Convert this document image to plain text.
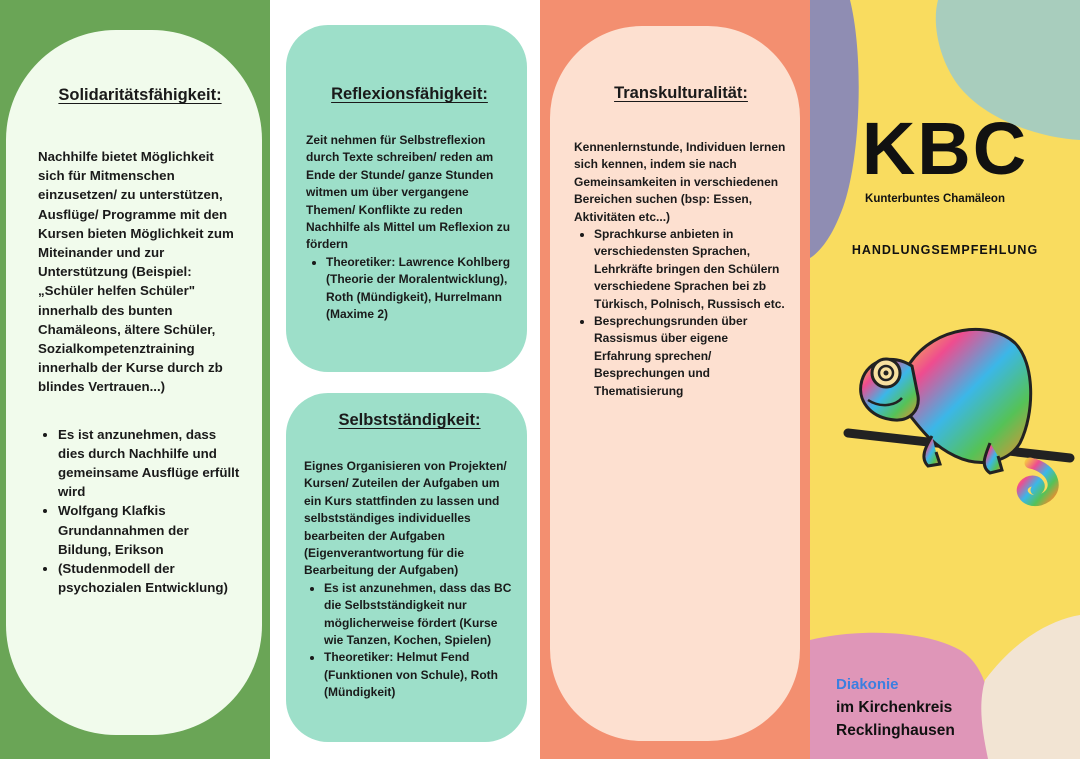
Solidaritätsfähigkeit:
Nachhilfe bietet Möglichkeit sich für Mitmenschen einzusetzen/ zu unterstützen, Ausflüge/ Programme mit den Kursen bieten Möglichkeit zum Miteinander und zur Unterstützung (Beispiel: „Schüler helfen Schüler" innerhalb des bunten Chamäleons, ältere Schüler, Sozialkompetenztraining innerhalb der Kurse durch zb blindes Vertrauen...)
• Es ist anzunehmen, dass dies durch Nachhilfe und gemeinsame Ausflüge erfüllt wird
• Wolfgang Klafkis Grundannahmen der Bildung, Erikson
• (Studenmodell der psychozialen Entwicklung)
Reflexionsfähigkeit:
Zeit nehmen für Selbstreflexion durch Texte schreiben/ reden am Ende der Stunde/ ganze Stunden witmen um über vergangene Themen/ Konflikte zu reden Nachhilfe als Mittel um Reflexion zu fördern
• Theoretiker: Lawrence Kohlberg (Theorie der Moralentwicklung), Roth (Mündigkeit), Hurrelmann (Maxime 2)
Selbstständigkeit:
Eignes Organisieren von Projekten/ Kursen/ Zuteilen der Aufgaben um ein Kurs stattfinden zu lassen und selbstständiges individuelles bearbeiten der Aufgaben (Eigenverantwortung für die Bearbeitung der Aufgaben)
• Es ist anzunehmen, dass das BC die Selbstständigkeit nur möglicherweise fördert (Kurse wie Tanzen, Kochen, Spielen)
• Theoretiker: Helmut Fend (Funktionen von Schule), Roth (Mündigkeit)
Transkulturalität:
Kennenlernstunde, Individuen lernen sich kennen, indem sie nach Gemeinsamkeiten in verschiedenen Bereichen suchen (bsp: Essen, Aktivitäten etc...)
• Sprachkurse anbieten in verschiedensten Sprachen, Lehrkräfte bringen den Schülern verschiedene Sprachen bei zb Türkisch, Polnisch, Russisch etc.
• Besprechungsrunden über Rassismus über eigene Erfahrung sprechen/ Besprechungen und Thematisierung
KBC
Kunterbuntes Chamäleon
HANDLUNGSEMPFEHLUNG
Diakonie
im Kirchenkreis
Recklinghausen
